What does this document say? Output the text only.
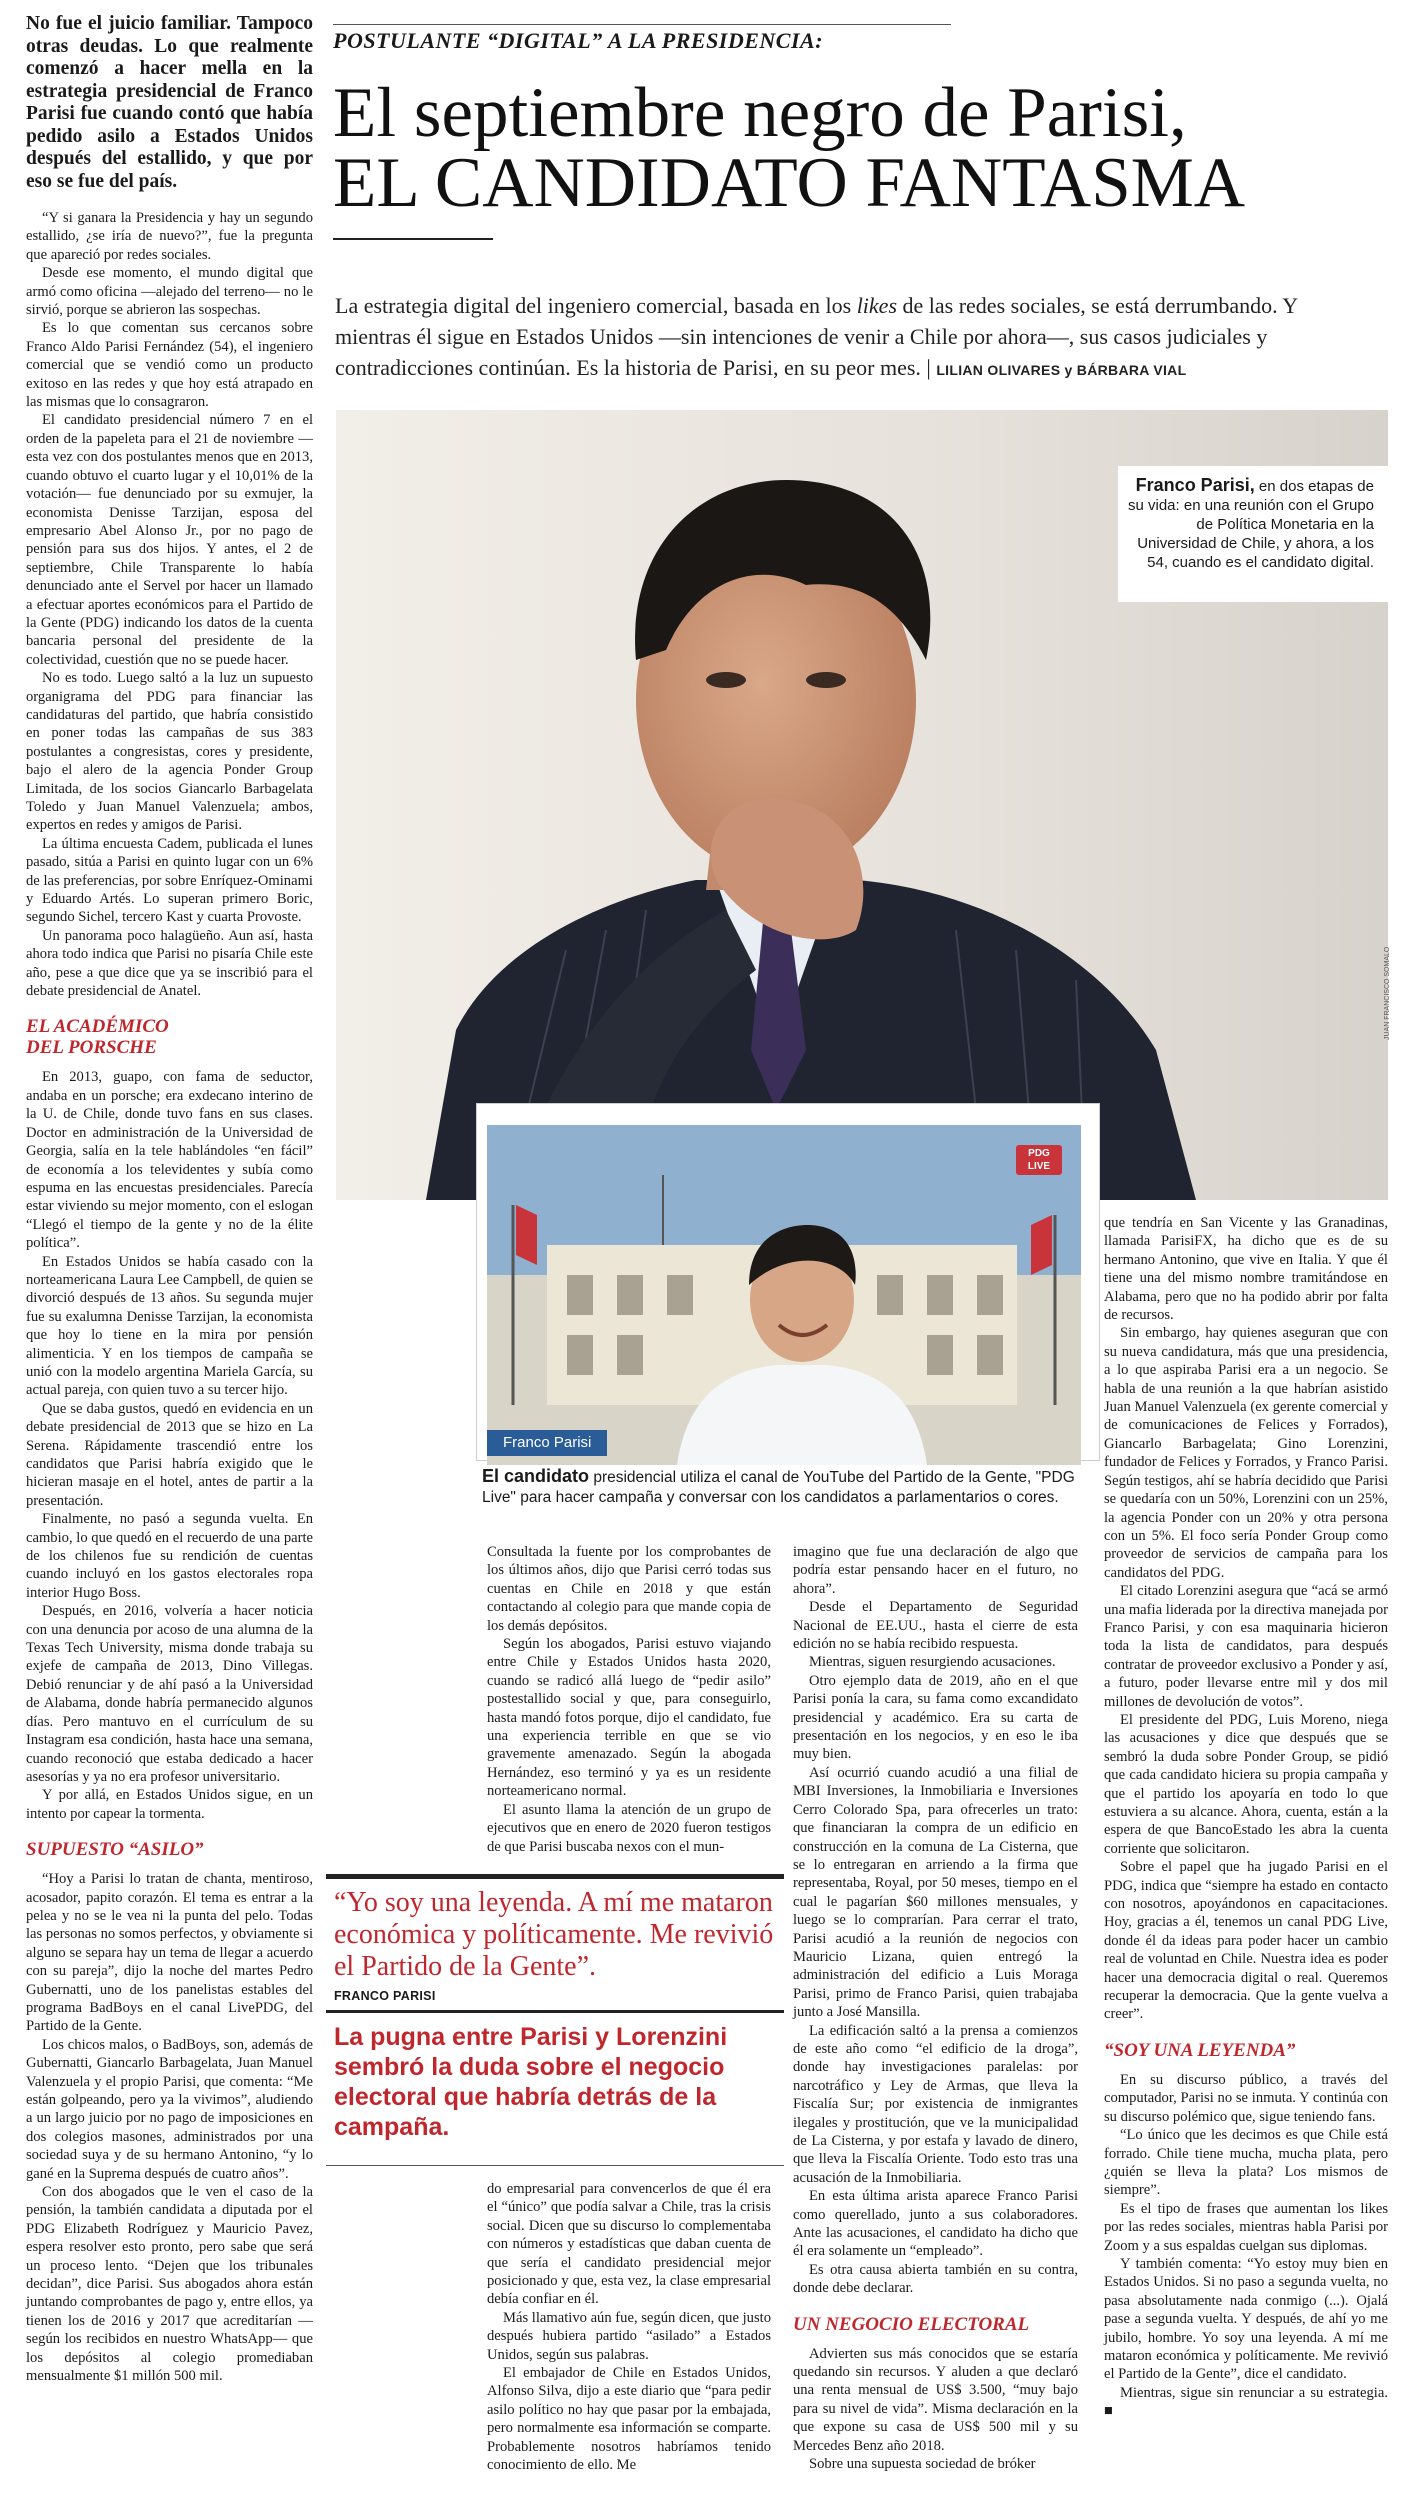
POSTULANTE “DIGITAL” A LA PRESIDENCIA:
El septiembre negro de Parisi,
EL CANDIDATO FANTASMA
La estrategia digital del ingeniero comercial, basada en los likes de las redes sociales, se está derrumbando. Y mientras él sigue en Estados Unidos —sin intenciones de venir a Chile por ahora—, sus casos judiciales y contradicciones continúan. Es la historia de Parisi, en su peor mes. | LILIAN OLIVARES y BÁRBARA VIAL
Franco Parisi, en dos etapas de su vida: en una reunión con el Grupo de Política Monetaria en la Universidad de Chile, y ahora, a los 54, cuando es el candidato digital.
JUAN FRANCISCO SOMALO
PDG
LIVE
Franco Parisi
El candidato presidencial utiliza el canal de YouTube del Partido de la Gente, "PDG Live" para hacer campaña y conversar con los candidatos a parlamentarios o cores.
No fue el juicio familiar. Tampoco otras deudas. Lo que realmente comenzó a hacer mella en la estrategia presidencial de Franco Parisi fue cuando contó que había pedido asilo a Estados Unidos después del estallido, y que por eso se fue del país.

“Y si ganara la Presidencia y hay un segundo estallido, ¿se iría de nuevo?”, fue la pregunta que apareció por redes sociales.

Desde ese momento, el mundo digital que armó como oficina —alejado del terreno— no le sirvió, porque se abrieron las sospechas.

Es lo que comentan sus cercanos sobre Franco Aldo Parisi Fernández (54), el ingeniero comercial que se vendió como un producto exitoso en las redes y que hoy está atrapado en las mismas que lo consagraron.

El candidato presidencial número 7 en el orden de la papeleta para el 21 de noviembre —esta vez con dos postulantes menos que en 2013, cuando obtuvo el cuarto lugar y el 10,01% de la votación— fue denunciado por su exmujer, la economista Denisse Tarzijan, esposa del empresario Abel Alonso Jr., por no pago de pensión para sus dos hijos. Y antes, el 2 de septiembre, Chile Transparente lo había denunciado ante el Servel por hacer un llamado a efectuar aportes económicos para el Partido de la Gente (PDG) indicando los datos de la cuenta bancaria personal del presidente de la colectividad, cuestión que no se puede hacer.

No es todo. Luego saltó a la luz un supuesto organigrama del PDG para financiar las candidaturas del partido, que habría consistido en poner todas las campañas de sus 383 postulantes a congresistas, cores y presidente, bajo el alero de la agencia Ponder Group Limitada, de los socios Giancarlo Barbagelata Toledo y Juan Manuel Valenzuela; ambos, expertos en redes y amigos de Parisi.

La última encuesta Cadem, publicada el lunes pasado, sitúa a Parisi en quinto lugar con un 6% de las preferencias, por sobre Enríquez-Ominami y Eduardo Artés. Lo superan primero Boric, segundo Sichel, tercero Kast y cuarta Provoste.

Un panorama poco halagüeño. Aun así, hasta ahora todo indica que Parisi no pisaría Chile este año, pese a que dice que ya se inscribió para el debate presidencial de Anatel.

EL ACADÉMICO
DEL PORSCHE

En 2013, guapo, con fama de seductor, andaba en un porsche; era exdecano interino de la U. de Chile, donde tuvo fans en sus clases. Doctor en administración de la Universidad de Georgia, salía en la tele hablándoles “en fácil” de economía a los televidentes y subía como espuma en las encuestas presidenciales. Parecía estar viviendo su mejor momento, con el eslogan “Llegó el tiempo de la gente y no de la élite política”.

En Estados Unidos se había casado con la norteamericana Laura Lee Campbell, de quien se divorció después de 13 años. Su segunda mujer fue su exalumna Denisse Tarzijan, la economista que hoy lo tiene en la mira por pensión alimenticia. Y en los tiempos de campaña se unió con la modelo argentina Mariela García, su actual pareja, con quien tuvo a su tercer hijo.

Que se daba gustos, quedó en evidencia en un debate presidencial de 2013 que se hizo en La Serena. Rápidamente trascendió entre los candidatos que Parisi habría exigido que le hicieran masaje en el hotel, antes de partir a la presentación.

Finalmente, no pasó a segunda vuelta. En cambio, lo que quedó en el recuerdo de una parte de los chilenos fue su rendición de cuentas cuando incluyó en los gastos electorales ropa interior Hugo Boss.

Después, en 2016, volvería a hacer noticia con una denuncia por acoso de una alumna de la Texas Tech University, misma donde trabaja su exjefe de campaña de 2013, Dino Villegas. Debió renunciar y de ahí pasó a la Universidad de Alabama, donde habría permanecido algunos días. Pero mantuvo en el currículum de su Instagram esa condición, hasta hace una semana, cuando reconoció que estaba dedicado a hacer asesorías y ya no era profesor universitario.

Y por allá, en Estados Unidos sigue, en un intento por capear la tormenta.

SUPUESTO “ASILO”

“Hoy a Parisi lo tratan de chanta, mentiroso, acosador, papito corazón. El tema es entrar a la pelea y no se le vea ni la punta del pelo. Todas las personas no somos perfectos, y obviamente si alguno se separa hay un tema de llegar a acuerdo con su pareja”, dijo la noche del martes Pedro Gubernatti, uno de los panelistas estables del programa BadBoys en el canal LivePDG, del Partido de la Gente.

Los chicos malos, o BadBoys, son, además de Gubernatti, Giancarlo Barbagelata, Juan Manuel Valenzuela y el propio Parisi, que comenta: “Me están golpeando, pero ya la vivimos”, aludiendo a un largo juicio por no pago de imposiciones en dos colegios masones, administrados por una sociedad suya y de su hermano Antonino, “y lo gané en la Suprema después de cuatro años”.

Con dos abogados que le ven el caso de la pensión, la también candidata a diputada por el PDG Elizabeth Rodríguez y Mauricio Pavez, espera resolver esto pronto, pero sabe que será un proceso lento. “Dejen que los tribunales decidan”, dice Parisi. Sus abogados ahora están juntando comprobantes de pago y, entre ellos, ya tienen los de 2016 y 2017 que acreditarían —según los recibidos en nuestro WhatsApp— que los depósitos al colegio promediaban mensualmente $1 millón 500 mil.

Consultada la fuente por los comprobantes de los últimos años, dijo que Parisi cerró todas sus cuentas en Chile en 2018 y que están contactando al colegio para que mande copia de los demás depósitos.

Según los abogados, Parisi estuvo viajando entre Chile y Estados Unidos hasta 2020, cuando se radicó allá luego de “pedir asilo” postestallido social y que, para conseguirlo, hasta mandó fotos porque, dijo el candidato, fue una experiencia terrible en que se vio gravemente amenazado. Según la abogada Hernández, eso terminó y ya es un residente norteamericano normal.

El asunto llama la atención de un grupo de ejecutivos que en enero de 2020 fueron testigos de que Parisi buscaba nexos con el mun-

“Yo soy una leyenda. A mí me mataron económica y políticamente. Me revivió el Partido de la Gente”.
FRANCO PARISI
La pugna entre Parisi y Lorenzini sembró la duda sobre el negocio electoral que habría detrás de la campaña.

do empresarial para convencerlos de que él era el “único” que podía salvar a Chile, tras la crisis social. Dicen que su discurso lo complementaba con números y estadísticas que daban cuenta de que sería el candidato presidencial mejor posicionado y que, esta vez, la clase empresarial debía confiar en él.

Más llamativo aún fue, según dicen, que justo después hubiera partido “asilado” a Estados Unidos, según sus palabras.

El embajador de Chile en Estados Unidos, Alfonso Silva, dijo a este diario que “para pedir asilo político no hay que pasar por la embajada, pero normalmente esa información se comparte. Probablemente nosotros habríamos tenido conocimiento de ello. Me

imagino que fue una declaración de algo que podría estar pensando hacer en el futuro, no ahora”.

Desde el Departamento de Seguridad Nacional de EE.UU., hasta el cierre de esta edición no se había recibido respuesta.

Mientras, siguen resurgiendo acusaciones.

Otro ejemplo data de 2019, año en el que Parisi ponía la cara, su fama como excandidato presidencial y académico. Era su carta de presentación en los negocios, y en eso le iba muy bien.

Así ocurrió cuando acudió a una filial de MBI Inversiones, la Inmobiliaria e Inversiones Cerro Colorado Spa, para ofrecerles un trato: que financiaran la compra de un edificio en construcción en la comuna de La Cisterna, que se lo entregaran en arriendo a la firma que representaba, Royal, por 50 meses, tiempo en el cual le pagarían $60 millones mensuales, y luego se lo comprarían. Para cerrar el trato, Parisi acudió a la reunión de negocios con Mauricio Lizana, quien entregó la administración del edificio a Luis Moraga Parisi, primo de Franco Parisi, quien trabajaba junto a José Mansilla.

La edificación saltó a la prensa a comienzos de este año como “el edificio de la droga”, donde hay investigaciones paralelas: por narcotráfico y Ley de Armas, que lleva la Fiscalía Sur; por existencia de inmigrantes ilegales y prostitución, que ve la municipalidad de La Cisterna, y por estafa y lavado de dinero, que lleva la Fiscalía Oriente. Todo esto tras una acusación de la Inmobiliaria.

En esta última arista aparece Franco Parisi como querellado, junto a sus colaboradores. Ante las acusaciones, el candidato ha dicho que él era solamente un “empleado”.

Es otra causa abierta también en su contra, donde debe declarar.

UN NEGOCIO ELECTORAL

Advierten sus más conocidos que se estaría quedando sin recursos. Y aluden a que declaró una renta mensual de US$ 3.500, “muy bajo para su nivel de vida”. Misma declaración en la que expone su casa de US$ 500 mil y su Mercedes Benz año 2018.

Sobre una supuesta sociedad de bróker

que tendría en San Vicente y las Granadinas, llamada ParisiFX, ha dicho que es de su hermano Antonino, que vive en Italia. Y que él tiene una del mismo nombre tramitándose en Alabama, pero que no ha podido abrir por falta de recursos.

Sin embargo, hay quienes aseguran que con su nueva candidatura, más que una presidencia, a lo que aspiraba Parisi era a un negocio. Se habla de una reunión a la que habrían asistido Juan Manuel Valenzuela (ex gerente comercial y de comunicaciones de Felices y Forrados), Giancarlo Barbagelata; Gino Lorenzini, fundador de Felices y Forrados, y Franco Parisi. Según testigos, ahí se habría decidido que Parisi se quedaría con un 50%, Lorenzini con un 25%, la agencia Ponder con un 20% y otra persona con un 5%. El foco sería Ponder Group como proveedor de servicios de campaña para los candidatos del PDG.

El citado Lorenzini asegura que “acá se armó una mafia liderada por la directiva manejada por Franco Parisi, y con esa maquinaria hicieron toda la lista de candidatos, para después contratar de proveedor exclusivo a Ponder y así, a futuro, poder llevarse entre mil y dos mil millones de devolución de votos”.

El presidente del PDG, Luis Moreno, niega las acusaciones y dice que después que se sembró la duda sobre Ponder Group, se pidió que cada candidato hiciera su propia campaña y que el partido los apoyaría en todo lo que estuviera a su alcance. Ahora, cuenta, están a la espera de que BancoEstado les abra la cuenta corriente que solicitaron.

Sobre el papel que ha jugado Parisi en el PDG, indica que “siempre ha estado en contacto con nosotros, apoyándonos en capacitaciones. Hoy, gracias a él, tenemos un canal PDG Live, donde él da ideas para poder hacer un cambio real de voluntad en Chile. Nuestra idea es poder hacer una democracia digital o real. Queremos recuperar la democracia. Que la gente vuelva a creer”.

“SOY UNA LEYENDA”

En su discurso público, a través del computador, Parisi no se inmuta. Y continúa con su discurso polémico que, sigue teniendo fans.

“Lo único que les decimos es que Chile está forrado. Chile tiene mucha, mucha plata, pero ¿quién se lleva la plata? Los mismos de siempre”.

Es el tipo de frases que aumentan los likes por las redes sociales, mientras habla Parisi por Zoom y a sus espaldas cuelgan sus diplomas.

Y también comenta: “Yo estoy muy bien en Estados Unidos. Si no paso a segunda vuelta, no pasa absolutamente nada conmigo (...). Ojalá pase a segunda vuelta. Y después, de ahí yo me jubilo, hombre. Yo soy una leyenda. A mí me mataron económica y políticamente. Me revivió el Partido de la Gente”, dice el candidato.

Mientras, sigue sin renunciar a su estrategia. ■
